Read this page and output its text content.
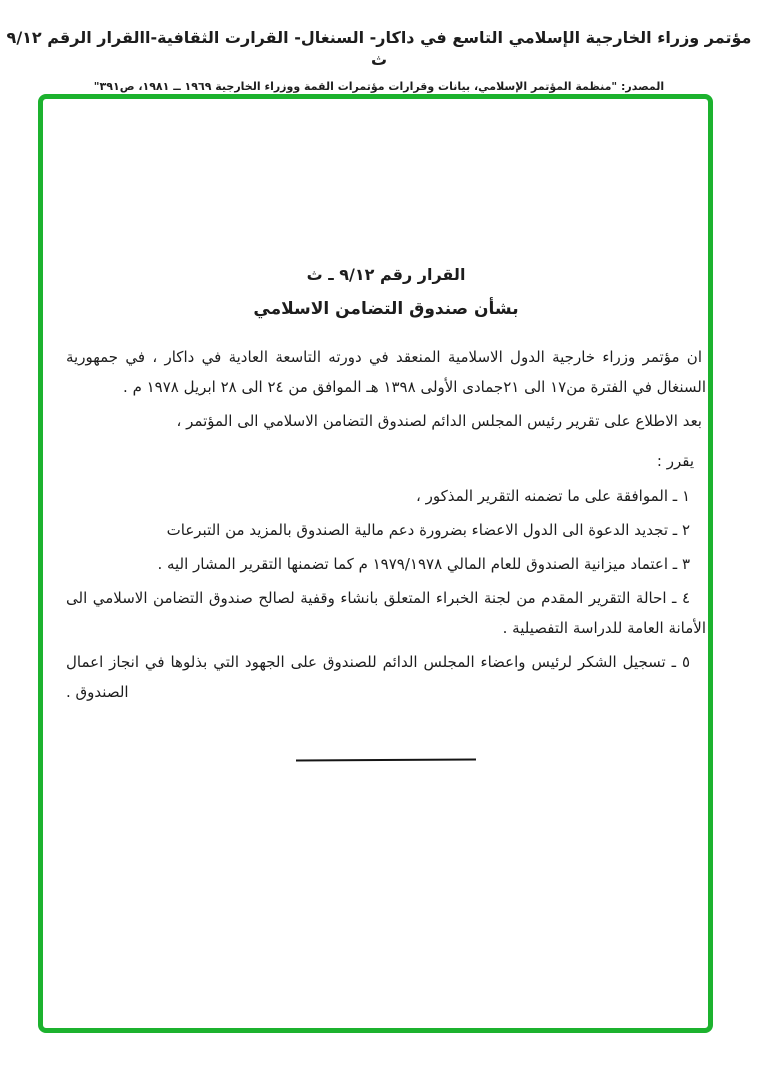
مؤتمر وزراء الخارجية الإسلامي التاسع في داكار- السنغال- القرارت الثقافية-االقرار الرقم ٩/١٢ ث
المصدر: "منظمة المؤتمر الإسلامي، بيانات وقرارات مؤتمرات القمة ووزراء الخارجية ١٩٦٩ ــ ١٩٨١، ص٣٩١"
القرار رقم ٩/١٢ ـ ث
بشأن صندوق التضامن الاسلامي

ان مؤتمر وزراء خارجية الدول الاسلامية المنعقد في دورته التاسعة العادية في داكار ، في جمهورية

السنغال في الفترة من١٧ الى ٢١جمادى الأولى ١٣٩٨ هـ الموافق من ٢٤ الى ٢٨ ابريل ١٩٧٨ م .

بعد الاطلاع على تقرير رئيس المجلس الدائم لصندوق التضامن الاسلامي الى المؤتمر ،

يقرر :

١ ـ الموافقة على ما تضمنه التقرير المذكور ،

٢ ـ تجديد الدعوة الى الدول الاعضاء بضرورة دعم مالية الصندوق بالمزيد من التبرعات

٣ ـ اعتماد ميزانية الصندوق للعام المالي ١٩٧٩/١٩٧٨ م كما تضمنها التقرير المشار اليه .

٤ ـ احالة التقرير المقدم من لجنة الخبراء المتعلق بانشاء وقفية لصالح صندوق التضامن الاسلامي الى

الأمانة العامة للدراسة التفصيلية .

٥ ـ تسجيل الشكر لرئيس واعضاء المجلس الدائم للصندوق على الجهود التي بذلوها في انجاز اعمال

الصندوق .
